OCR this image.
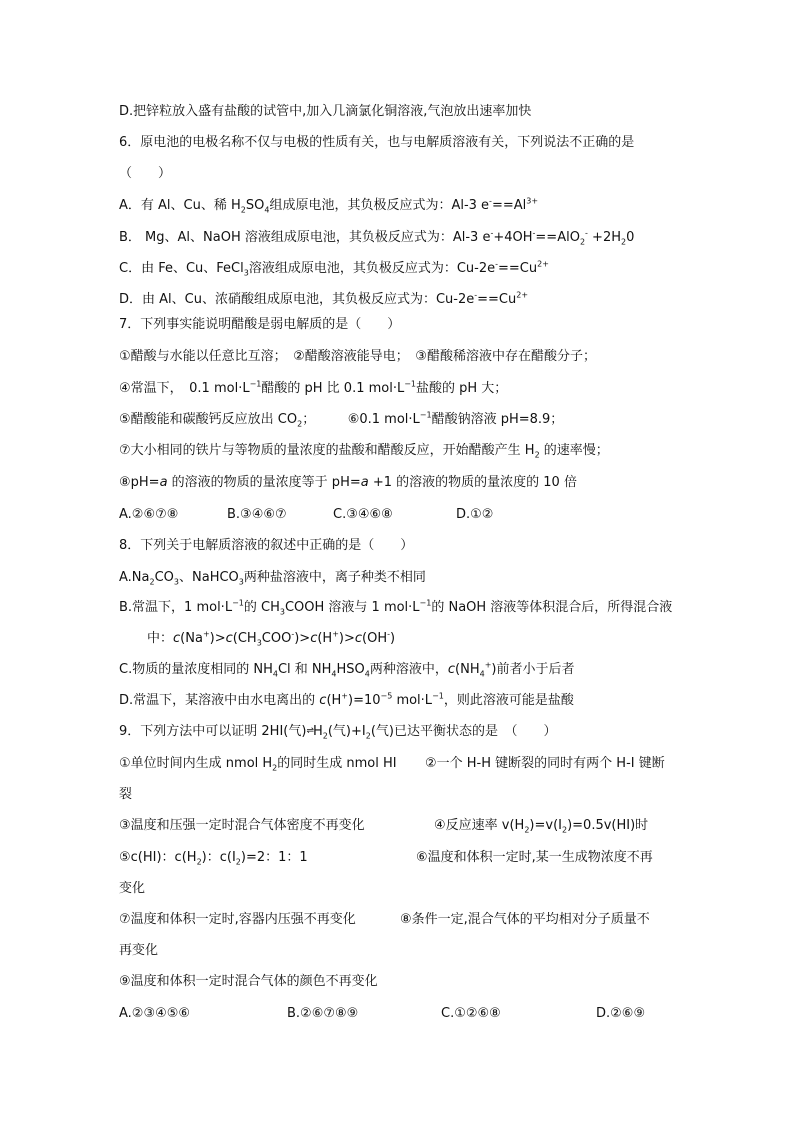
D.把锌粒放入盛有盐酸的试管中,加入几滴氯化铜溶液,气泡放出速率加快
6．原电池的电极名称不仅与电极的性质有关，也与电解质溶液有关，下列说法不正确的是
（　　）
A．有 Al、Cu、稀 $H_2SO_4$组成原电池，其负极反应式为：Al-3 $e^-==Al^{3+}$
B． Mg、Al、NaOH 溶液组成原电池，其负极反应式为：Al-3 $e^-+4OH^-==AlO_2^- +2H_20$
C．由 Fe、Cu、FeCl$_3$溶液组成原电池，其负极反应式为：$Cu-2e^-==Cu^{2+}$
D．由 Al、Cu、浓硝酸组成原电池，其负极反应式为：$Cu-2e^-==Cu^{2+}$
7．下列事实能说明醋酸是弱电解质的是（　　）
①醋酸与水能以任意比互溶；　②醋酸溶液能导电；　③醋酸稀溶液中存在醋酸分子；
④常温下，　0.1 $mol\cdot L^{-1}$醋酸的 pH 比 0.1 $mol\cdot L^{-1}$盐酸的 pH 大；
⑤醋酸能和碳酸钙反应放出 $CO_2$；　　　⑥0.1 $mol\cdot L^{-1}$醋酸钠溶液 pH=8.9；
⑦大小相同的铁片与等物质的量浓度的盐酸和醋酸反应，开始醋酸产生 $H_2$ 的速率慢；
⑧pH=a 的溶液的物质的量浓度等于 pH=a +1 的溶液的物质的量浓度的 10 倍
A.②⑥⑦⑧	B.③④⑥⑦	C.③④⑥⑧	D.①②
8．下列关于电解质溶液的叙述中正确的是（　　）
$A.Na_2CO_3$、NaHCO$_3$两种盐溶液中，离子种类不相同
B.常温下，1 $mol\cdot L^{-1}$的 $CH_3COOH$ 溶液与 1 $mol\cdot L^{-1}$的 NaOH 溶液等体积混合后，所得混合液
中：$c(Na^+)>c(CH_3COO^-)>c(H^+)>c(OH^-)$
C.物质的量浓度相同的 $NH_4Cl$ 和 $NH_4HSO_4$两种溶液中，$c(NH_4^+)$前者小于后者
D.常温下，某溶液中由水电离出的 $c(H^+)=10^{-5}$ $mol\cdot L^{-1}$，则此溶液可能是盐酸
9．下列方法中可以证明 2HI(气)$\rightleftharpoons H_2$(气)$+I_2$(气)已达平衡状态的是　（　　）
①单位时间内生成 nmol $H_2$的同时生成 nmol HI ②一个 H-H 键断裂的同时有两个 H-I 键断
裂
③温度和压强一定时混合气体密度不再变化	④反应速率 $v(H_2)=v(I_2)=0.5v(HI)$时
⑤c(HI)：$c(H_2)$：$c(I_2)=2$：1：1	⑥温度和体积一定时,某一生成物浓度不再
变化
⑦温度和体积一定时,容器内压强不再变化	⑧条件一定,混合气体的平均相对分子质量不
再变化
⑨温度和体积一定时混合气体的颜色不再变化
A.②③④⑤⑥	B.②⑥⑦⑧⑨	C.①②⑥⑧	D.②⑥⑨
